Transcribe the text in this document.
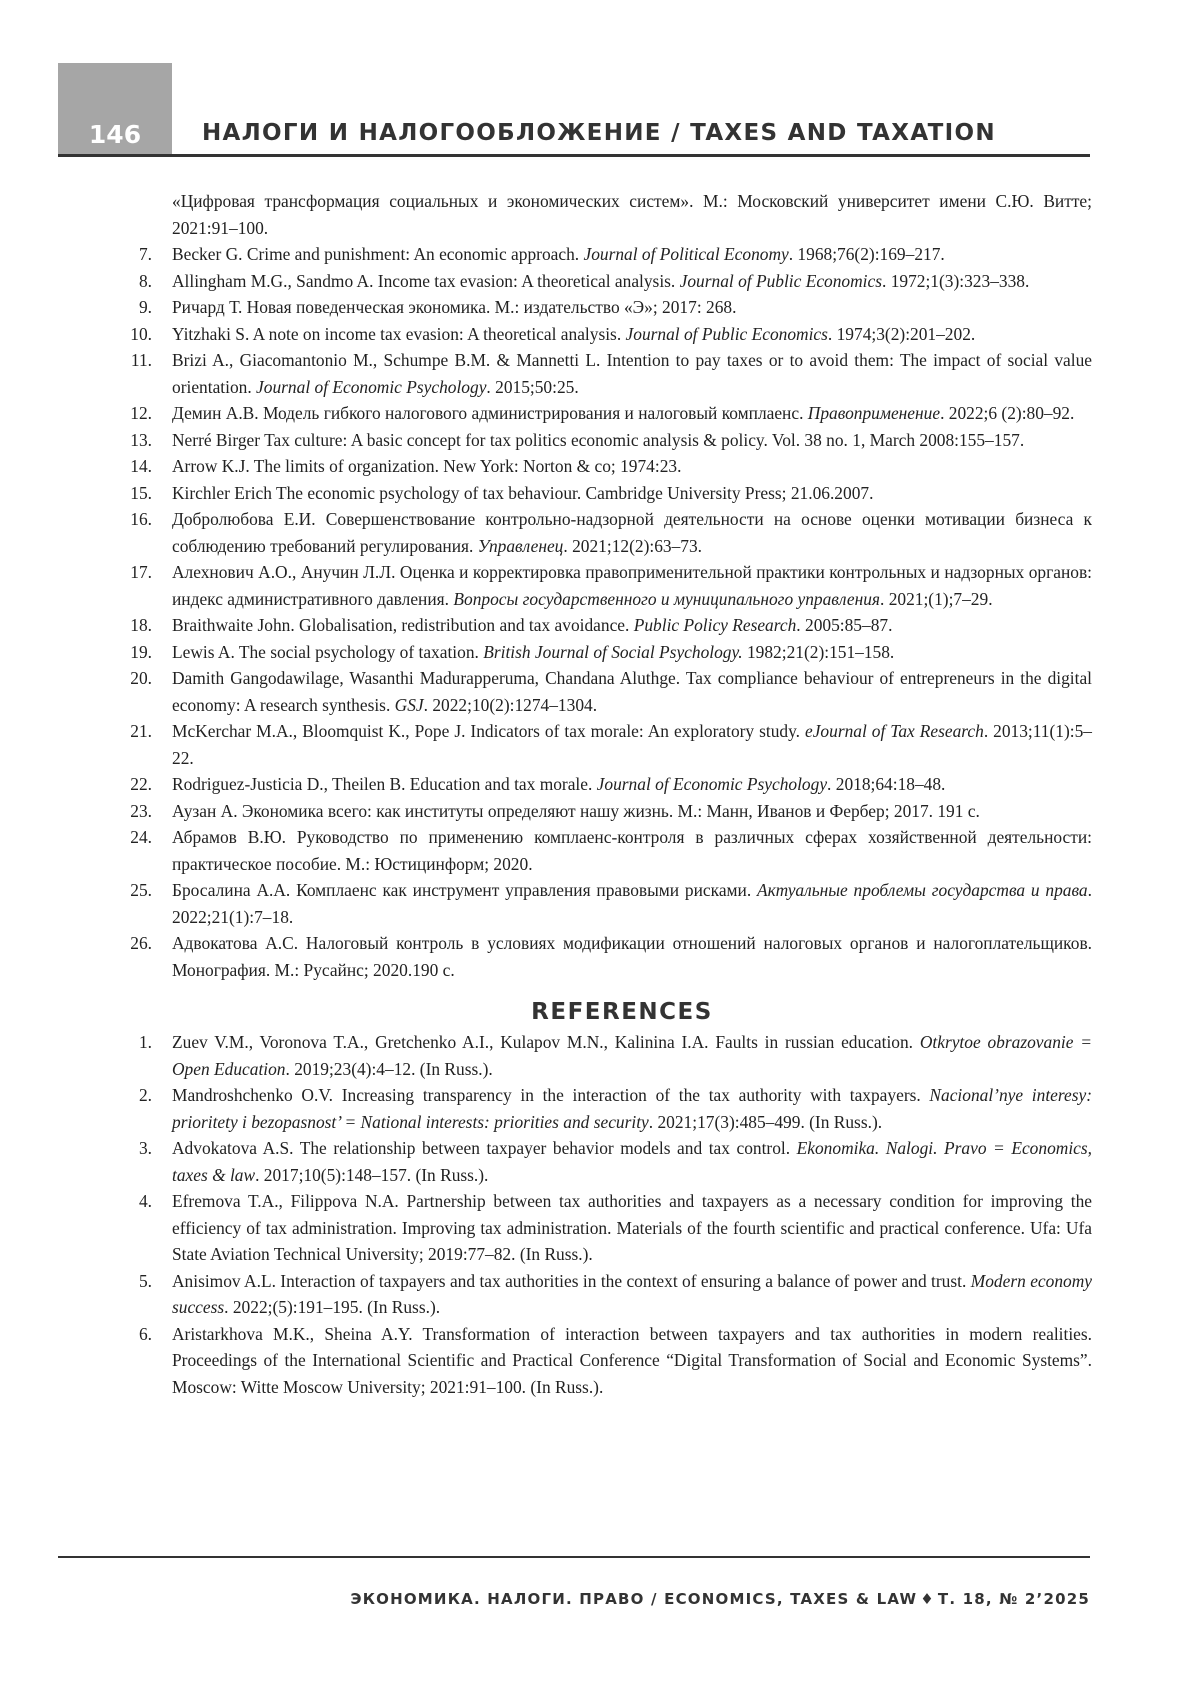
146	НАЛОГИ И НАЛОГООБЛОЖЕНИЕ / TAXES AND TAXATION
«Цифровая трансформация социальных и экономических систем». М.: Московский университет имени С.Ю. Витте; 2021:91–100.
7. Becker G. Crime and punishment: An economic approach. Journal of Political Economy. 1968;76(2):169–217.
8. Allingham M.G., Sandmo A. Income tax evasion: A theoretical analysis. Journal of Public Economics. 1972;1(3):323–338.
9. Ричард Т. Новая поведенческая экономика. М.: издательство «Э»; 2017: 268.
10. Yitzhaki S. A note on income tax evasion: A theoretical analysis. Journal of Public Economics. 1974;3(2):201–202.
11. Brizi A., Giacomantonio M., Schumpe B.M. & Mannetti L. Intention to pay taxes or to avoid them: The impact of social value orientation. Journal of Economic Psychology. 2015;50:25.
12. Демин А.В. Модель гибкого налогового администрирования и налоговый комплаенс. Правоприменение. 2022;6 (2):80–92.
13. Nerré Birger Tax culture: A basic concept for tax politics economic analysis & policy. Vol. 38 no. 1, March 2008:155–157.
14. Arrow K.J. The limits of organization. New York: Norton & co; 1974:23.
15. Kirchler Erich The economic psychology of tax behaviour. Cambridge University Press; 21.06.2007.
16. Добролюбова Е.И. Совершенствование контрольно-надзорной деятельности на основе оценки мотивации бизнеса к соблюдению требований регулирования. Управленец. 2021;12(2):63–73.
17. Алехнович А.О., Анучин Л.Л. Оценка и корректировка правоприменительной практики контрольных и надзорных органов: индекс административного давления. Вопросы государственного и муниципального управления. 2021;(1);7–29.
18. Braithwaite John. Globalisation, redistribution and tax avoidance. Public Policy Research. 2005:85–87.
19. Lewis A. The social psychology of taxation. British Journal of Social Psychology. 1982;21(2):151–158.
20. Damith Gangodawilage, Wasanthi Madurapperuma, Chandana Aluthge. Tax compliance behaviour of entrepreneurs in the digital economy: A research synthesis. GSJ. 2022;10(2):1274–1304.
21. McKerchar M.A., Bloomquist K., Pope J. Indicators of tax morale: An exploratory study. eJournal of Tax Research. 2013;11(1):5–22.
22. Rodriguez-Justicia D., Theilen B. Education and tax morale. Journal of Economic Psychology. 2018;64:18–48.
23. Аузан А. Экономика всего: как институты определяют нашу жизнь. М.: Манн, Иванов и Фербер; 2017. 191 с.
24. Абрамов В.Ю. Руководство по применению комплаенс-контроля в различных сферах хозяйственной деятельности: практическое пособие. М.: Юстицинформ; 2020.
25. Бросалина А.А. Комплаенс как инструмент управления правовыми рисками. Актуальные проблемы государства и права. 2022;21(1):7–18.
26. Адвокатова А.С. Налоговый контроль в условиях модификации отношений налоговых органов и налогоплательщиков. Монография. М.: Русайнс; 2020.190 с.
REFERENCES
1. Zuev V.M., Voronova T.A., Gretchenko A.I., Kulapov M.N., Kalinina I.A. Faults in russian education. Otkrytoe obrazovanie = Open Education. 2019;23(4):4–12. (In Russ.).
2. Mandroshchenko O.V. Increasing transparency in the interaction of the tax authority with taxpayers. Nacional’nye interesy: prioritety i bezopasnost’ = National interests: priorities and security. 2021;17(3):485–499. (In Russ.).
3. Advokatova A.S. The relationship between taxpayer behavior models and tax control. Ekonomika. Nalogi. Pravo = Economics, taxes & law. 2017;10(5):148–157. (In Russ.).
4. Efremova T.A., Filippova N.A. Partnership between tax authorities and taxpayers as a necessary condition for improving the efficiency of tax administration. Improving tax administration. Materials of the fourth scientific and practical conference. Ufa: Ufa State Aviation Technical University; 2019:77–82. (In Russ.).
5. Anisimov A.L. Interaction of taxpayers and tax authorities in the context of ensuring a balance of power and trust. Modern economy success. 2022;(5):191–195. (In Russ.).
6. Aristarkhova M.K., Sheina A.Y. Transformation of interaction between taxpayers and tax authorities in modern realities. Proceedings of the International Scientific and Practical Conference “Digital Transformation of Social and Economic Systems”. Moscow: Witte Moscow University; 2021:91–100. (In Russ.).
ЭКОНОМИКА. НАЛОГИ. ПРАВО / ECONOMICS, TAXES & LAW ♦ Т. 18, № 2’2025
